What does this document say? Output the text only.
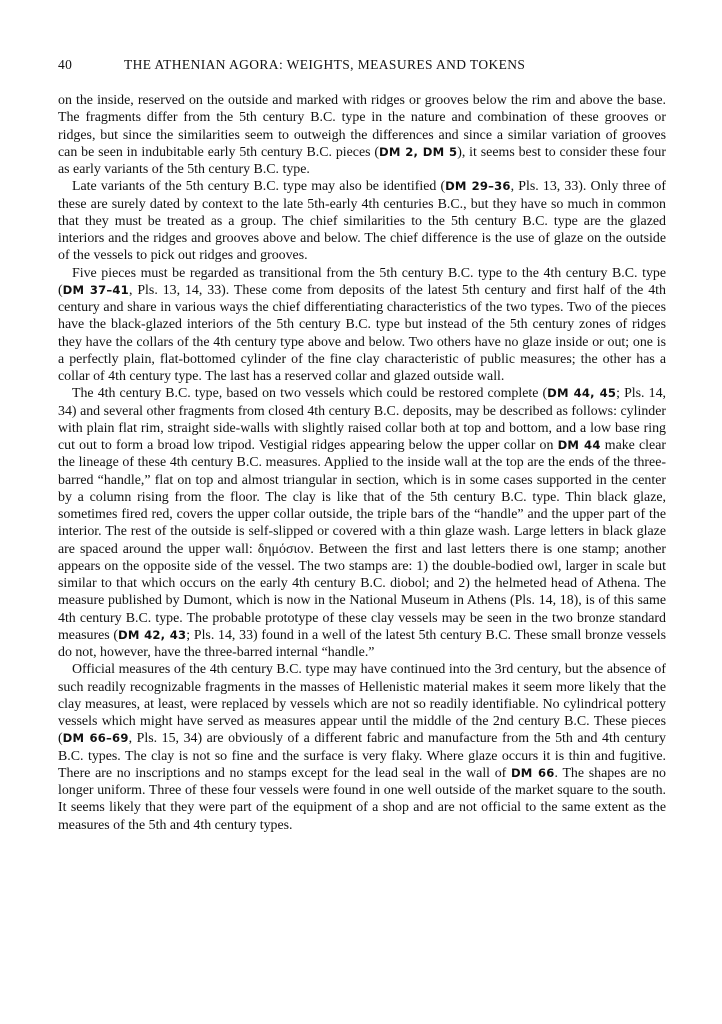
40	THE ATHENIAN AGORA: WEIGHTS, MEASURES AND TOKENS

on the inside, reserved on the outside and marked with ridges or grooves below the rim and above the base. The fragments differ from the 5th century B.C. type in the nature and combination of these grooves or ridges, but since the similarities seem to outweigh the differences and since a similar variation of grooves can be seen in indubitable early 5th century B.C. pieces (DM 2, DM 5), it seems best to consider these four as early variants of the 5th century B.C. type.

Late variants of the 5th century B.C. type may also be identified (DM 29–36, Pls. 13, 33). Only three of these are surely dated by context to the late 5th-early 4th centuries B.C., but they have so much in common that they must be treated as a group. The chief similarities to the 5th century B.C. type are the glazed interiors and the ridges and grooves above and below. The chief difference is the use of glaze on the outside of the vessels to pick out ridges and grooves.

Five pieces must be regarded as transitional from the 5th century B.C. type to the 4th century B.C. type (DM 37–41, Pls. 13, 14, 33). These come from deposits of the latest 5th century and first half of the 4th century and share in various ways the chief differentiating characteristics of the two types. Two of the pieces have the black-glazed interiors of the 5th century B.C. type but instead of the 5th century zones of ridges they have the collars of the 4th century type above and below. Two others have no glaze inside or out; one is a perfectly plain, flat-bottomed cylinder of the fine clay characteristic of public measures; the other has a collar of 4th century type. The last has a reserved collar and glazed outside wall.

The 4th century B.C. type, based on two vessels which could be restored complete (DM 44, 45; Pls. 14, 34) and several other fragments from closed 4th century B.C. deposits, may be described as follows: cylinder with plain flat rim, straight side-walls with slightly raised collar both at top and bottom, and a low base ring cut out to form a broad low tripod. Vestigial ridges appearing below the upper collar on DM 44 make clear the lineage of these 4th century B.C. measures. Applied to the inside wall at the top are the ends of the three-barred “handle,” flat on top and almost triangular in section, which is in some cases supported in the center by a column rising from the floor. The clay is like that of the 5th century B.C. type. Thin black glaze, sometimes fired red, covers the upper collar outside, the triple bars of the “handle” and the upper part of the interior. The rest of the outside is self-slipped or covered with a thin glaze wash. Large letters in black glaze are spaced around the upper wall: δημόσιον. Between the first and last letters there is one stamp; another appears on the opposite side of the vessel. The two stamps are: 1) the double-bodied owl, larger in scale but similar to that which occurs on the early 4th century B.C. diobol; and 2) the helmeted head of Athena. The measure published by Dumont, which is now in the National Museum in Athens (Pls. 14, 18), is of this same 4th century B.C. type. The probable prototype of these clay vessels may be seen in the two bronze standard measures (DM 42, 43; Pls. 14, 33) found in a well of the latest 5th century B.C. These small bronze vessels do not, however, have the three-barred internal “handle.”

Official measures of the 4th century B.C. type may have continued into the 3rd century, but the absence of such readily recognizable fragments in the masses of Hellenistic material makes it seem more likely that the clay measures, at least, were replaced by vessels which are not so readily identifiable. No cylindrical pottery vessels which might have served as measures appear until the middle of the 2nd century B.C. These pieces (DM 66–69, Pls. 15, 34) are obviously of a different fabric and manufacture from the 5th and 4th century B.C. types. The clay is not so fine and the surface is very flaky. Where glaze occurs it is thin and fugitive. There are no inscriptions and no stamps except for the lead seal in the wall of DM 66. The shapes are no longer uniform. Three of these four vessels were found in one well outside of the market square to the south. It seems likely that they were part of the equipment of a shop and are not official to the same extent as the measures of the 5th and 4th century types.
